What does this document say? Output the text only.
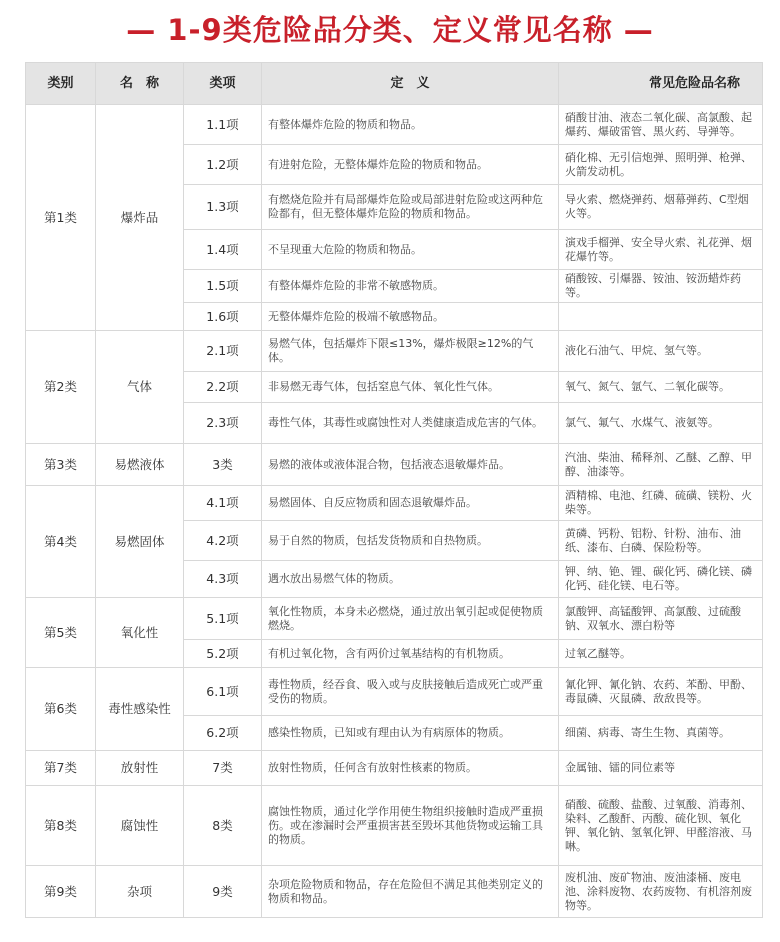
— 1-9类危险品分类、定义常见名称 —
类别	名　称	类项	定　义	常见危险品名称
第1类	爆炸品	1.1项	有整体爆炸危险的物质和物品。	硝酸甘油、液态二氧化碳、高氯酸、起爆药、爆破雷管、黑火药、导弹等。
		1.2项	有进射危险，无整体爆炸危险的物质和物品。	硝化棉、无引信炮弹、照明弹、枪弹、火箭发动机。
		1.3项	有燃烧危险并有局部爆炸危险或局部进射危险或这两种危险都有，但无整体爆炸危险的物质和物品。	导火索、燃烧弹药、烟幕弹药、C型烟火等。
		1.4项	不呈现重大危险的物质和物品。	演戏手榴弹、安全导火索、礼花弹、烟花爆竹等。
		1.5项	有整体爆炸危险的非常不敏感物质。	硝酸铵、引爆器、铵油、铵沥蜡炸药等。
		1.6项	无整体爆炸危险的极端不敏感物品。	
第2类	气体	2.1项	易燃气体，包括爆炸下限≤13%，爆炸极限≥12%的气体。	液化石油气、甲烷、氢气等。
		2.2项	非易燃无毒气体，包括窒息气体、氧化性气体。	氧气、氮气、氩气、二氧化碳等。
		2.3项	毒性气体，其毒性或腐蚀性对人类健康造成危害的气体。	氯气、氟气、水煤气、液氨等。
第3类	易燃液体	3类	易燃的液体或液体混合物，包括液态退敏爆炸品。	汽油、柴油、稀释剂、乙醚、乙醇、甲醇、油漆等。
第4类	易燃固体	4.1项	易燃固体、自反应物质和固态退敏爆炸品。	酒精棉、电池、红磷、硫磺、镁粉、火柴等。
		4.2项	易于自然的物质，包括发货物质和自热物质。	黄磷、钙粉、铝粉、针粉、油布、油纸、漆布、白磷、保险粉等。
		4.3项	遇水放出易燃气体的物质。	钾、纳、铯、锂、碳化钙、磷化镁、磷化钙、硅化镁、电石等。
第5类	氧化性	5.1项	氧化性物质，本身未必燃烧，通过放出氧引起或促使物质燃烧。	氯酸钾、高锰酸钾、高氯酸、过硫酸钠、双氧水、漂白粉等
		5.2项	有机过氧化物，含有两价过氧基结构的有机物质。	过氧乙醚等。
第6类	毒性感染性	6.1项	毒性物质，经吞食、吸入或与皮肤接触后造成死亡或严重受伤的物质。	氰化钾、氰化钠、农药、苯酚、甲酚、毒鼠磷、灭鼠磷、敌敌畏等。
		6.2项	感染性物质，已知或有理由认为有病原体的物质。	细菌、病毒、寄生生物、真菌等。
第7类	放射性	7类	放射性物质，任何含有放射性核素的物质。	金属铀、镭的同位素等
第8类	腐蚀性	8类	腐蚀性物质，通过化学作用使生物组织接触时造成严重损伤。或在渗漏时会严重损害甚至毁坏其他货物或运输工具的物质。	硝酸、硫酸、盐酸、过氧酸、消毒剂、染料、乙酸酐、丙酸、硫化钡、氧化钾、氧化钠、氢氧化钾、甲醛溶液、马啉。
第9类	杂项	9类	杂项危险物质和物品，存在危险但不满足其他类别定义的物质和物品。	废机油、废矿物油、废油漆桶、废电池、涂料废物、农药废物、有机溶剂废物等。
